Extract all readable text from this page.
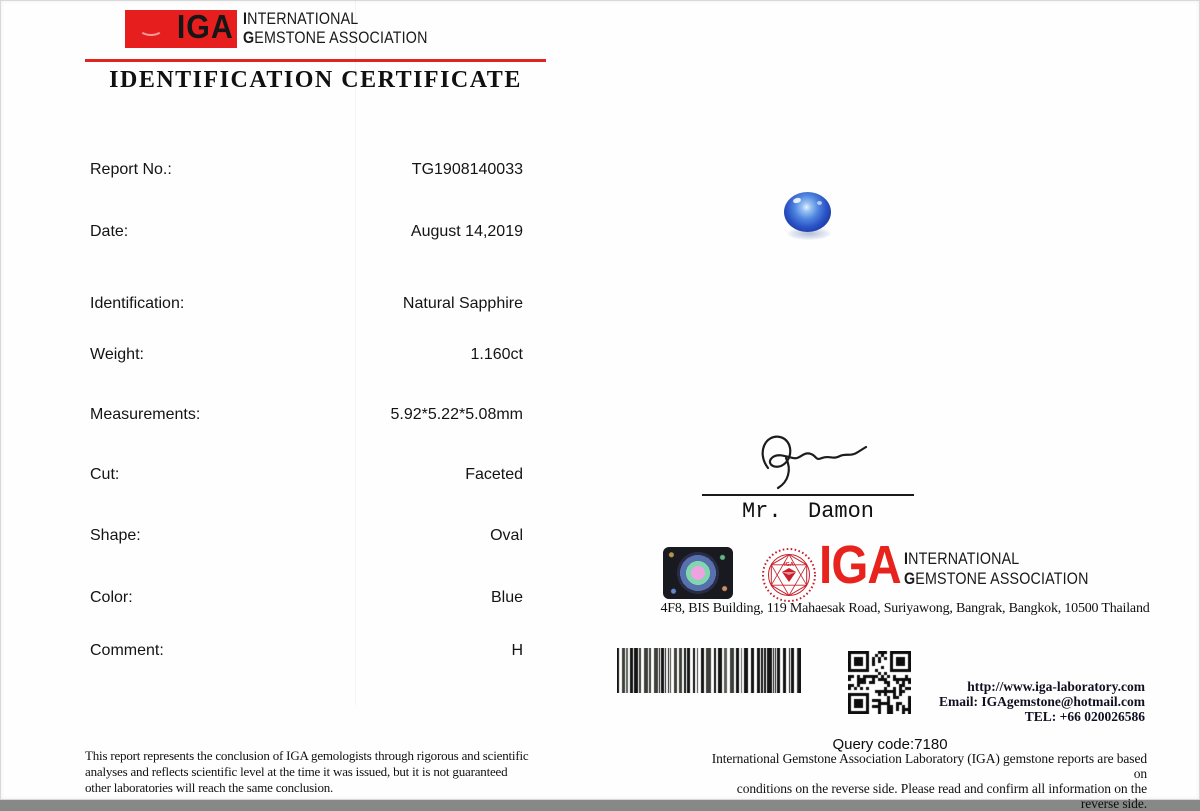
IGA INTERNATIONAL
GEMSTONE ASSOCIATION
IDENTIFICATION CERTIFICATE
Report No.:	TG1908140033
Date:	August 14,2019
Identification:	Natural Sapphire
Weight:	1.160ct
Measurements:	5.92*5.22*5.08mm
Cut:	Faceted
Shape:	Oval
Color:	Blue
Comment:	H
This report represents the conclusion of IGA gemologists through rigorous and scientific
analyses and reflects scientific level at the time it was issued, but it is not guaranteed
other laboratories will reach the same conclusion.
Mr.  Damon
IGA IGA INTERNATIONAL
GEMSTONE ASSOCIATION
4F8, BIS Building, 119 Mahaesak Road, Suriyawong, Bangrak, Bangkok, 10500 Thailand
http://www.iga-laboratory.com
Email: IGAgemstone@hotmail.com
TEL: +66 020026586
Query code:7180
International Gemstone Association Laboratory (IGA) gemstone reports are based on
conditions on the reverse side. Please read and confirm all information on the
reverse side.
